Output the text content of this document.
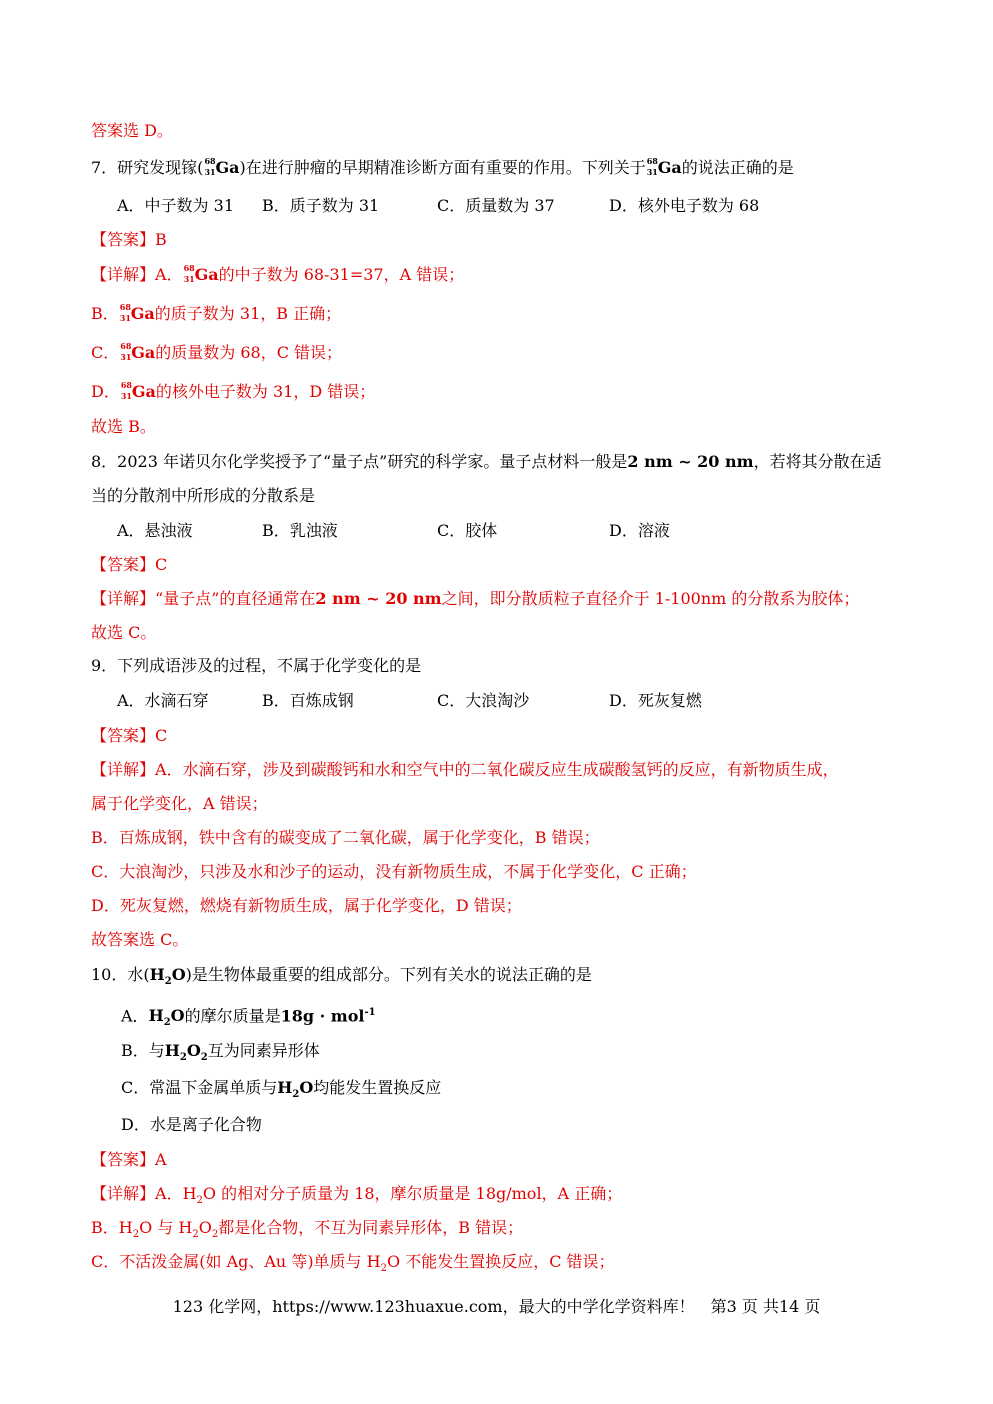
答案选 D。
7．研究发现镓( 68
31 Ga)在进行肿瘤的早期精准诊断方面有重要的作用。下列关于 68
31 Ga的说法正确的是
A．中子数为 31 B．质子数为 31	C．质量数为 37	D．核外电子数为 68
【答案】B
【详解】A． 68
31 Ga的中子数为 68-31=37，A 错误；
B． 68
31 Ga的质子数为 31，B 正确；
C． 68
31 Ga的质量数为 68，C 错误；
D． 68
31 Ga的核外电子数为 31，D 错误；
故选 B。
8．2023 年诺贝尔化学奖授予了“量子点”研究的科学家。量子点材料一般是2 nm ~ 20 nm，若将其分散在适
当的分散剂中所形成的分散系是
A．悬浊液	B．乳浊液	C．胶体	D．溶液
【答案】C
【详解】“量子点”的直径通常在2 nm ~ 20 nm之间，即分散质粒子直径介于 1-100nm 的分散系为胶体；
故选 C。
9．下列成语涉及的过程，不属于化学变化的是
A．水滴石穿	B．百炼成钢	C．大浪淘沙	D．死灰复燃
【答案】C
【详解】A．水滴石穿，涉及到碳酸钙和水和空气中的二氧化碳反应生成碳酸氢钙的反应，有新物质生成，
属于化学变化，A 错误；
B．百炼成钢，铁中含有的碳变成了二氧化碳，属于化学变化，B 错误；
C．大浪淘沙，只涉及水和沙子的运动，没有新物质生成，不属于化学变化，C 正确；
D．死灰复燃，燃烧有新物质生成，属于化学变化，D 错误；
故答案选 C。
10．水$(H_2O)$是生物体最重要的组成部分。下列有关水的说法正确的是
A．$H_2O$的摩尔质量是18g · mol$^{-1}$
B．与$H_2O_2$互为同素异形体
C．常温下金属单质与$H_2O$均能发生置换反应
D．水是离子化合物
【答案】A
【详解】A．$H_2O$ 的相对分子质量为 18，摩尔质量是 18g/mol，A 正确；
B．$H_2O$ 与 $H_2O_2$都是化合物，不互为同素异形体，B 错误；
C．不活泼金属(如 Ag、Au 等)单质与 $H_2O$ 不能发生置换反应，C 错误；
123 化学网，https://www.123huaxue.com，最大的中学化学资料库！　第3 页 共14 页
